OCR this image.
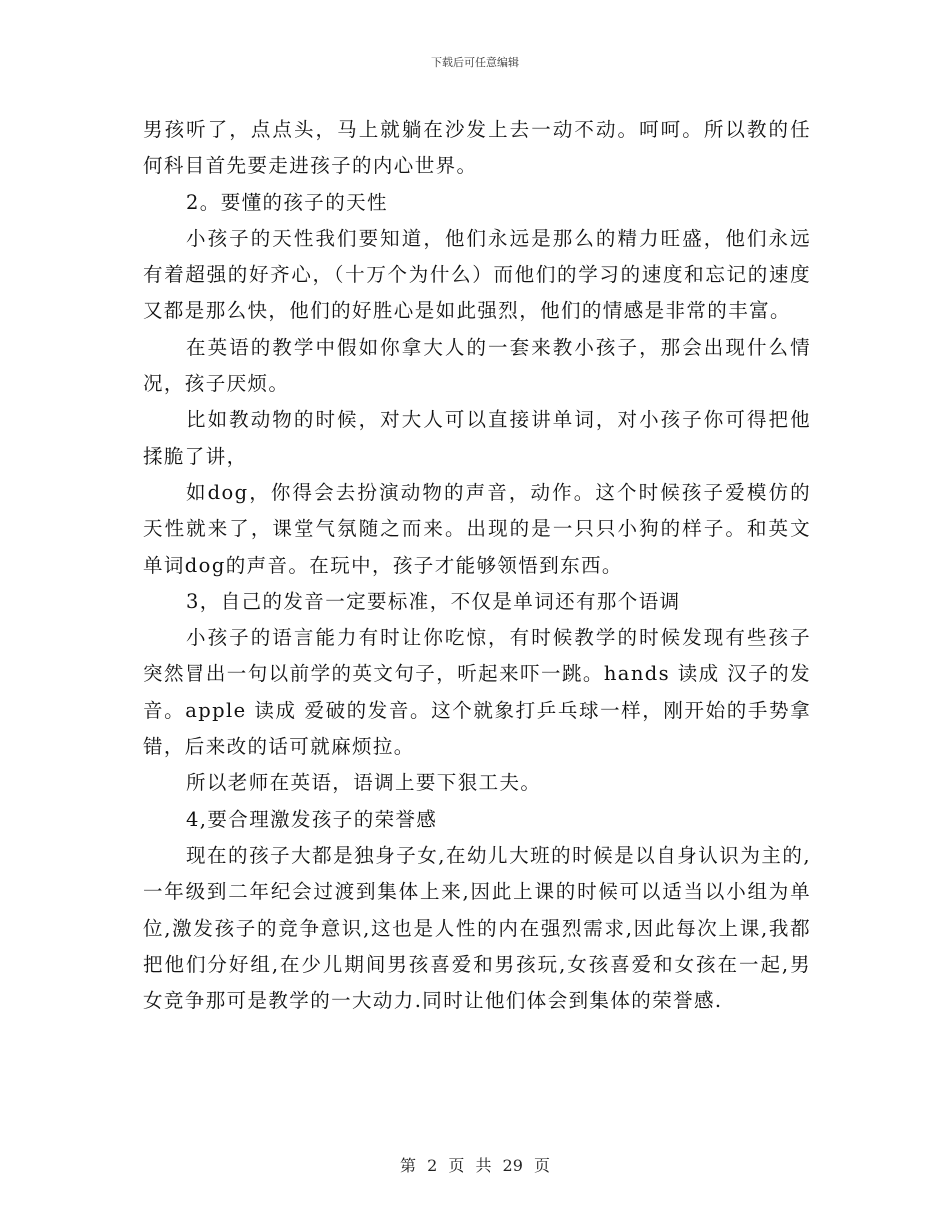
下载后可任意编辑

男孩听了，点点头，马上就躺在沙发上去一动不动。呵呵。所以教的任何科目首先要走进孩子的内心世界。

2。要懂的孩子的天性

小孩子的天性我们要知道，他们永远是那么的精力旺盛，他们永远有着超强的好齐心，（十万个为什么）而他们的学习的速度和忘记的速度又都是那么快，他们的好胜心是如此强烈，他们的情感是非常的丰富。

在英语的教学中假如你拿大人的一套来教小孩子，那会出现什么情况，孩子厌烦。

比如教动物的时候，对大人可以直接讲单词，对小孩子你可得把他揉脆了讲，

如dog，你得会去扮演动物的声音，动作。这个时候孩子爱模仿的天性就来了，课堂气氛随之而来。出现的是一只只小狗的样子。和英文单词dog的声音。在玩中，孩子才能够领悟到东西。

3，自己的发音一定要标准，不仅是单词还有那个语调

小孩子的语言能力有时让你吃惊，有时候教学的时候发现有些孩子突然冒出一句以前学的英文句子，听起来吓一跳。hands 读成 汉子的发音。apple 读成 爱破的发音。这个就象打乒乓球一样，刚开始的手势拿错，后来改的话可就麻烦拉。

所以老师在英语，语调上要下狠工夫。

4,要合理激发孩子的荣誉感

现在的孩子大都是独身子女,在幼儿大班的时候是以自身认识为主的,一年级到二年纪会过渡到集体上来,因此上课的时候可以适当以小组为单位,激发孩子的竞争意识,这也是人性的内在强烈需求,因此每次上课,我都把他们分好组,在少儿期间男孩喜爱和男孩玩,女孩喜爱和女孩在一起,男女竞争那可是教学的一大动力.同时让他们体会到集体的荣誉感.

第 2 页 共 29 页
